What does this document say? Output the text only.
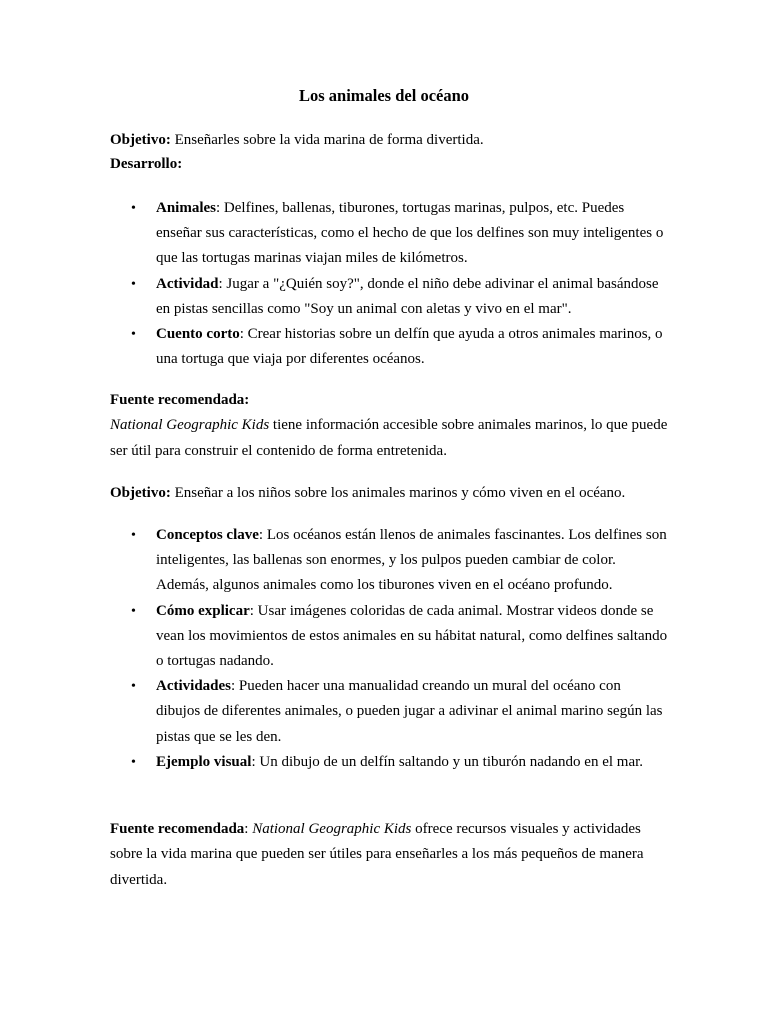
Los animales del océano
Objetivo: Enseñarles sobre la vida marina de forma divertida.
Desarrollo:
• Animales: Delfines, ballenas, tiburones, tortugas marinas, pulpos, etc. Puedes enseñar sus características, como el hecho de que los delfines son muy inteligentes o que las tortugas marinas viajan miles de kilómetros.
• Actividad: Jugar a "¿Quién soy?", donde el niño debe adivinar el animal basándose en pistas sencillas como "Soy un animal con aletas y vivo en el mar".
• Cuento corto: Crear historias sobre un delfín que ayuda a otros animales marinos, o una tortuga que viaja por diferentes océanos.
Fuente recomendada:
National Geographic Kids tiene información accesible sobre animales marinos, lo que puede ser útil para construir el contenido de forma entretenida.
Objetivo: Enseñar a los niños sobre los animales marinos y cómo viven en el océano.
• Conceptos clave: Los océanos están llenos de animales fascinantes. Los delfines son inteligentes, las ballenas son enormes, y los pulpos pueden cambiar de color. Además, algunos animales como los tiburones viven en el océano profundo.
• Cómo explicar: Usar imágenes coloridas de cada animal. Mostrar videos donde se vean los movimientos de estos animales en su hábitat natural, como delfines saltando o tortugas nadando.
• Actividades: Pueden hacer una manualidad creando un mural del océano con dibujos de diferentes animales, o pueden jugar a adivinar el animal marino según las pistas que se les den.
• Ejemplo visual: Un dibujo de un delfín saltando y un tiburón nadando en el mar.
Fuente recomendada: National Geographic Kids ofrece recursos visuales y actividades sobre la vida marina que pueden ser útiles para enseñarles a los más pequeños de manera divertida.
